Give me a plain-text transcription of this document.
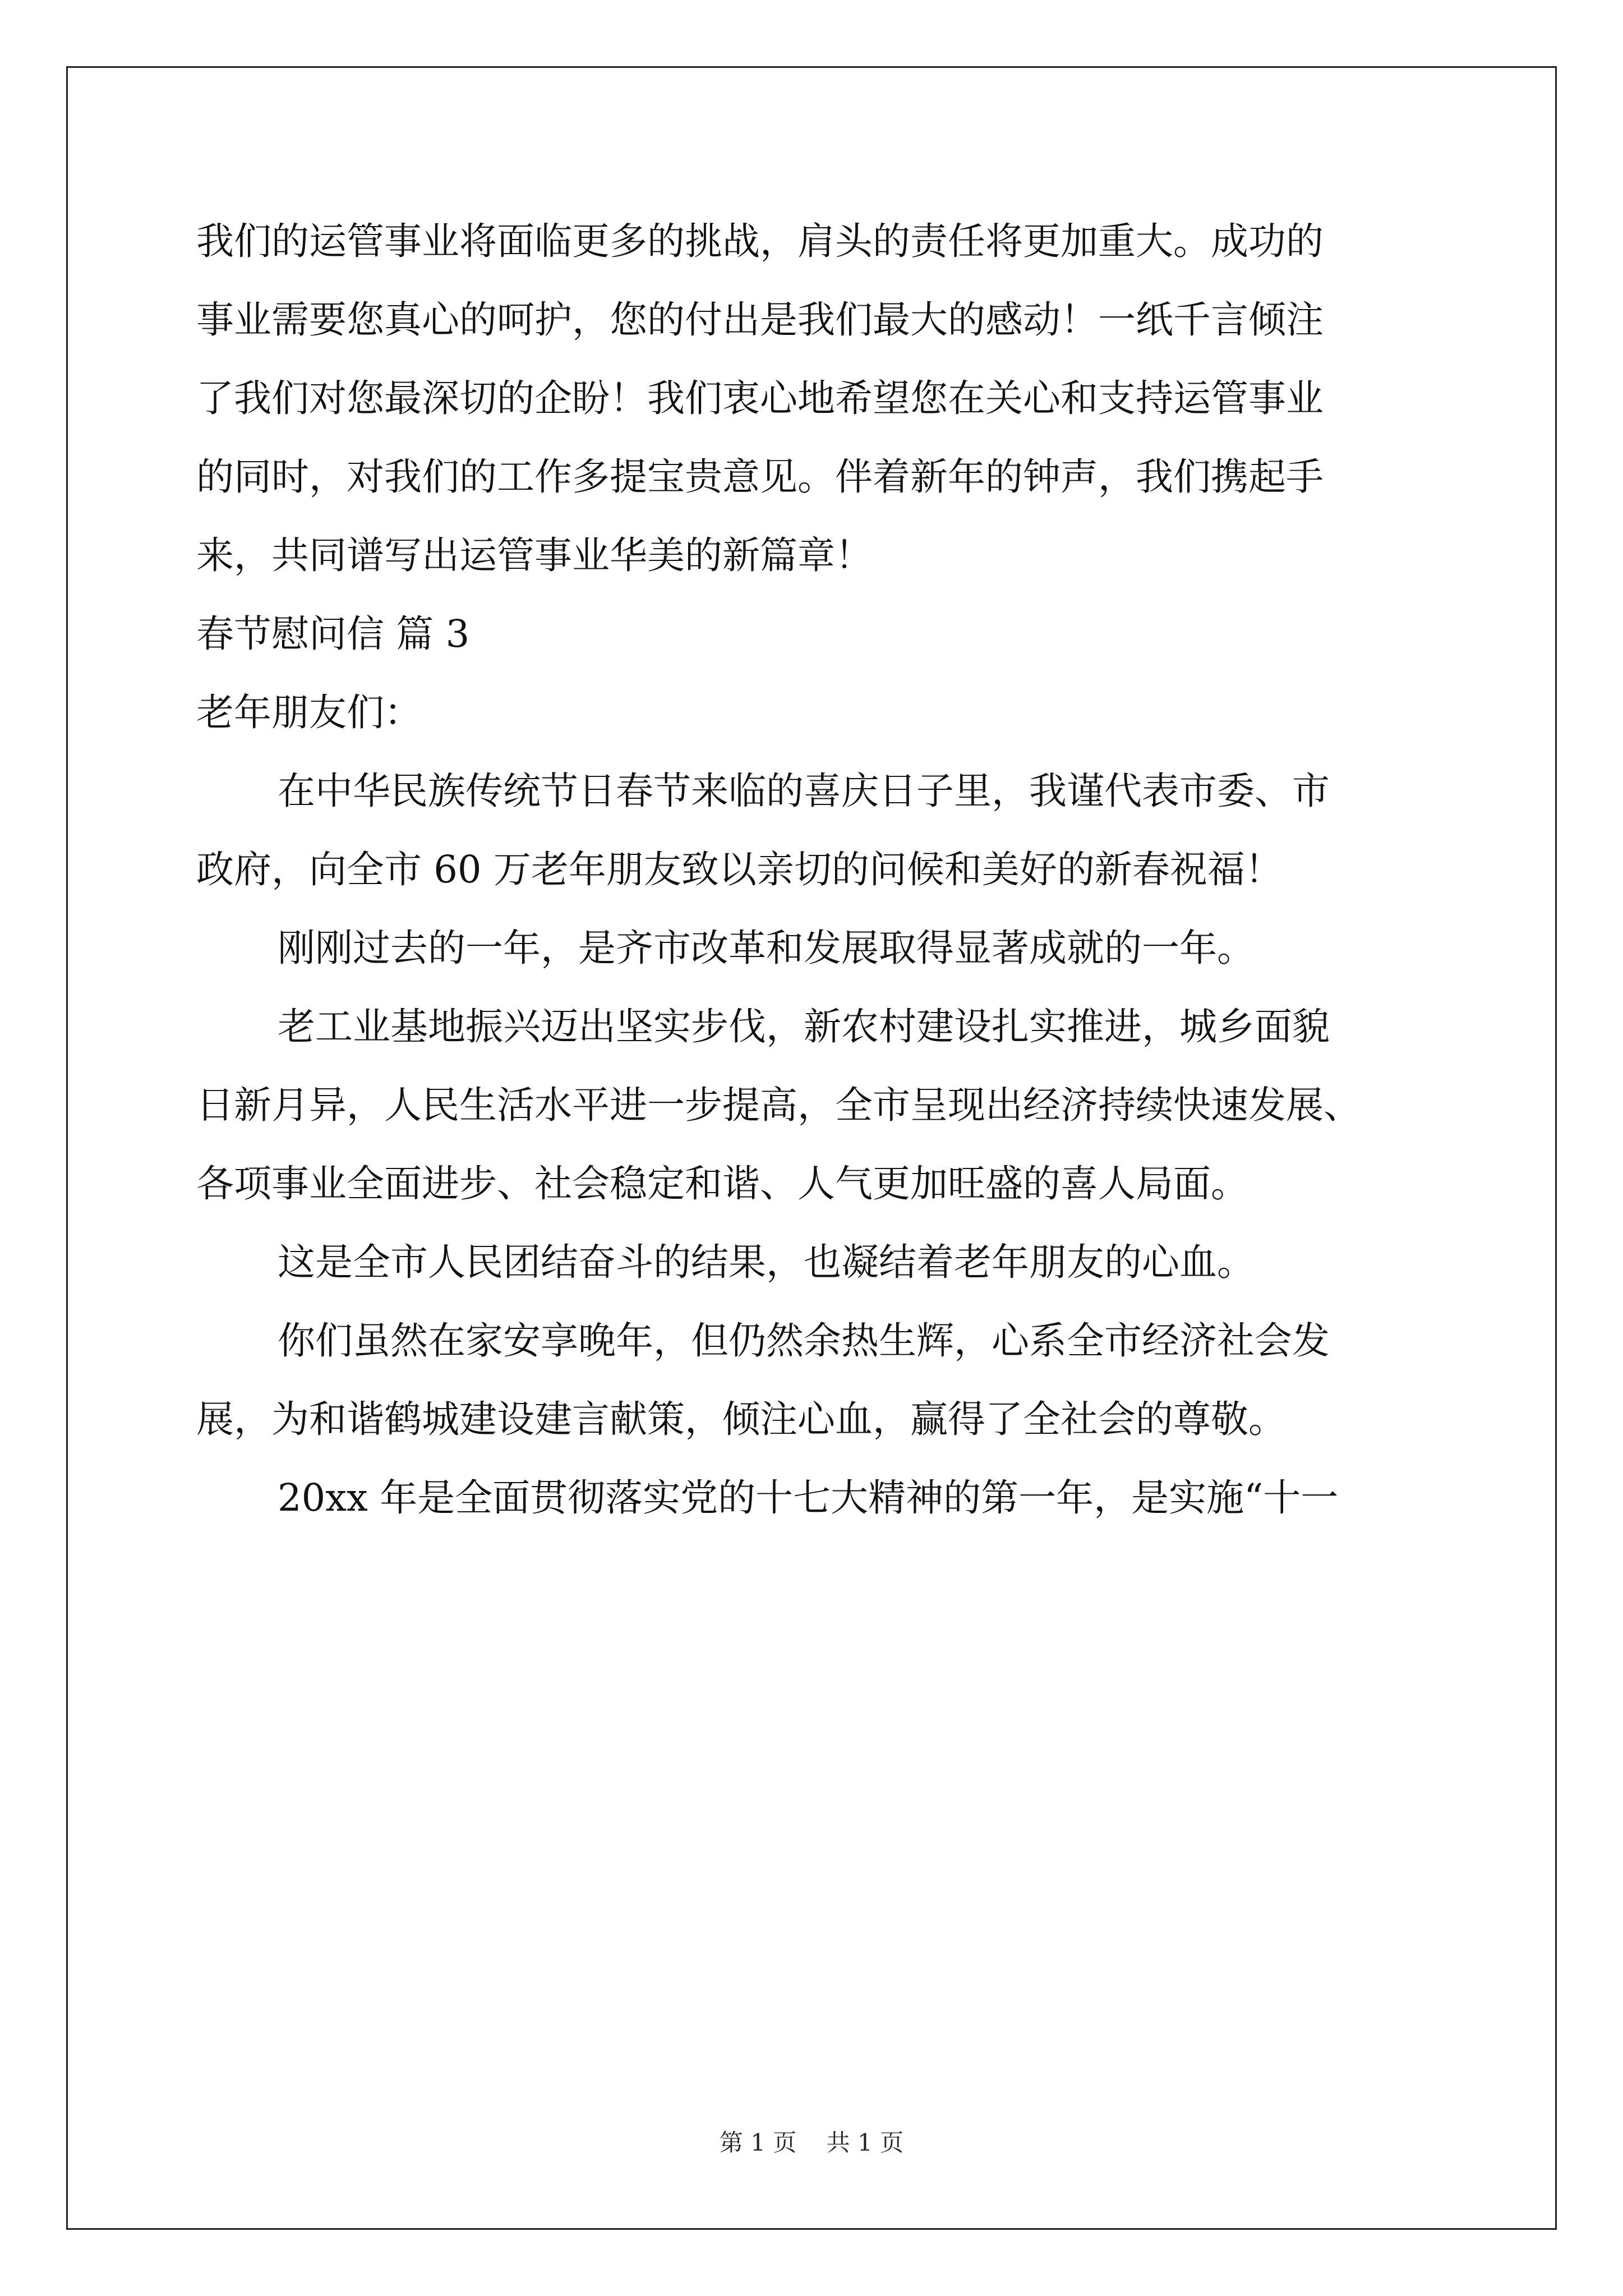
我们的运管事业将面临更多的挑战，肩头的责任将更加重大。成功的
事业需要您真心的呵护，您的付出是我们最大的感动！一纸千言倾注
了我们对您最深切的企盼！我们衷心地希望您在关心和支持运管事业
的同时，对我们的工作多提宝贵意见。伴着新年的钟声，我们携起手
来，共同谱写出运管事业华美的新篇章！
春节慰问信 篇 3
老年朋友们：
在中华民族传统节日春节来临的喜庆日子里，我谨代表市委、市
政府，向全市 60 万老年朋友致以亲切的问候和美好的新春祝福！
刚刚过去的一年，是齐市改革和发展取得显著成就的一年。
老工业基地振兴迈出坚实步伐，新农村建设扎实推进，城乡面貌
日新月异，人民生活水平进一步提高，全市呈现出经济持续快速发展、
各项事业全面进步、社会稳定和谐、人气更加旺盛的喜人局面。
这是全市人民团结奋斗的结果，也凝结着老年朋友的心血。
你们虽然在家安享晚年，但仍然余热生辉，心系全市经济社会发
展，为和谐鹤城建设建言献策，倾注心血，赢得了全社会的尊敬。
20xx 年是全面贯彻落实党的十七大精神的第一年，是实施“十一
第 1 页 共 1 页
